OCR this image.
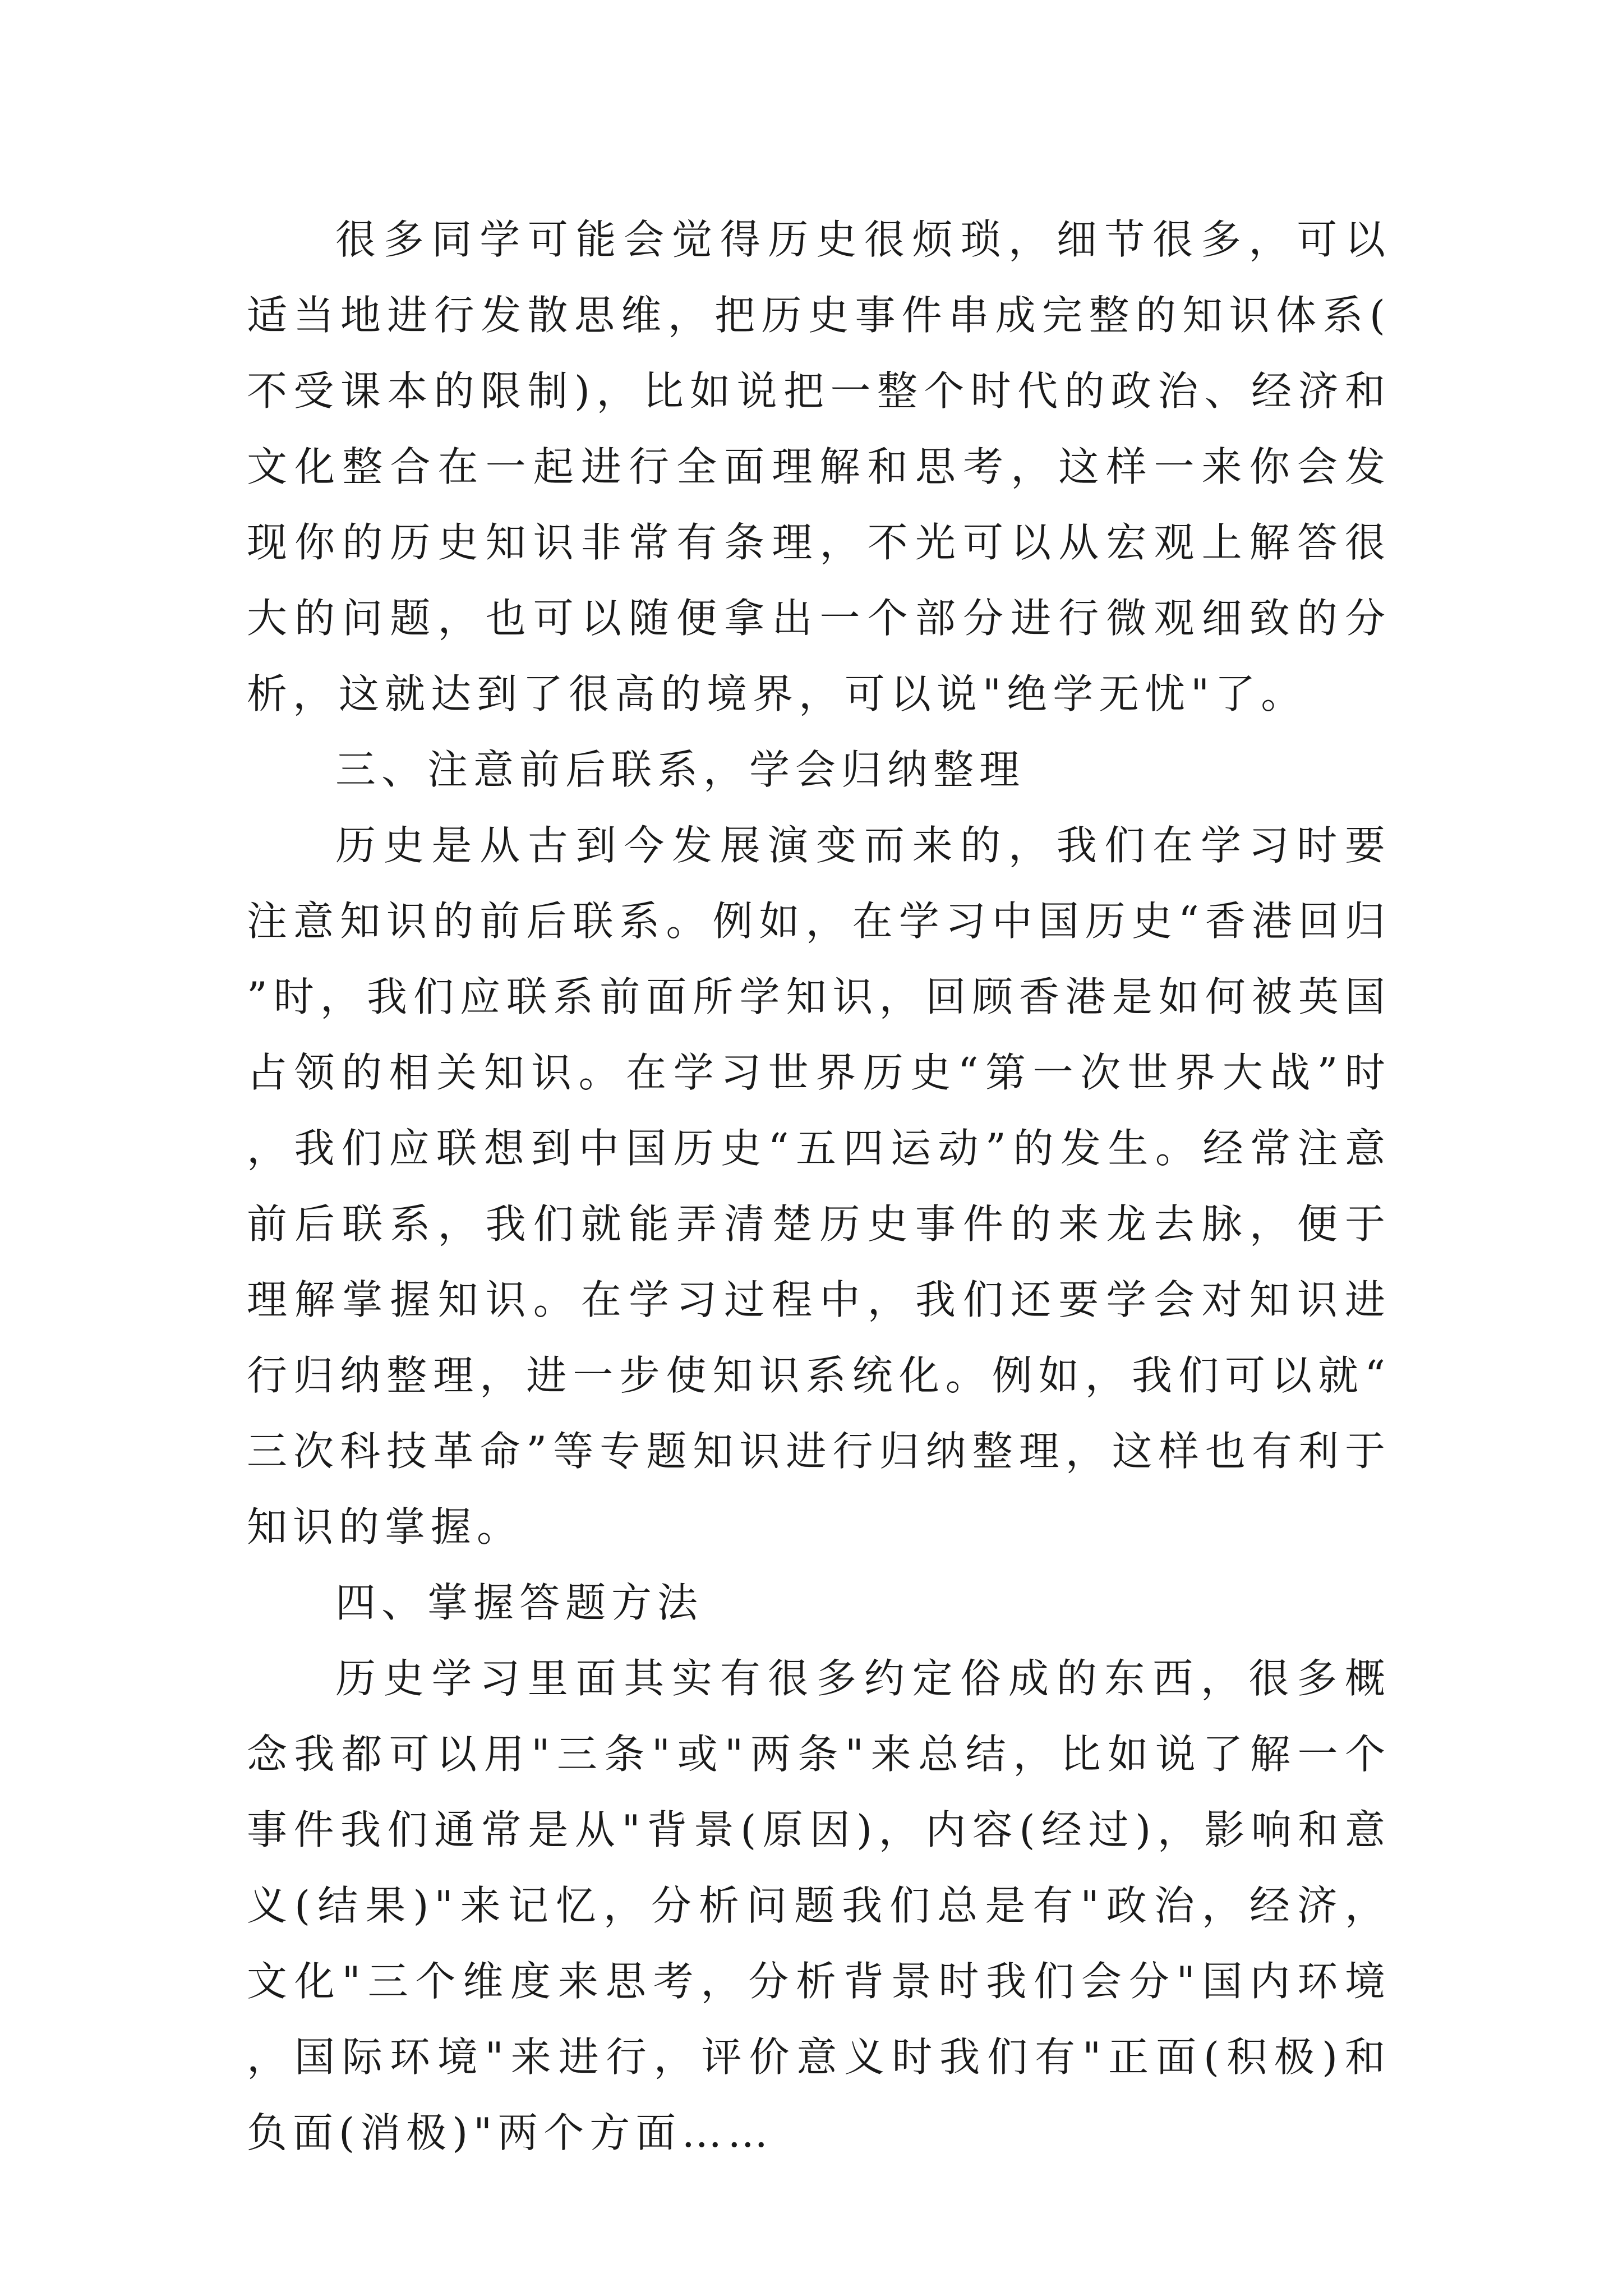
很多同学可能会觉得历史很烦琐，细节很多，可以适当地进行发散思维，把历史事件串成完整的知识体系(不受课本的限制)，比如说把一整个时代的政治、经济和文化整合在一起进行全面理解和思考，这样一来你会发现你的历史知识非常有条理，不光可以从宏观上解答很大的问题，也可以随便拿出一个部分进行微观细致的分析，这就达到了很高的境界，可以说"绝学无忧"了。

三、注意前后联系，学会归纳整理

历史是从古到今发展演变而来的，我们在学习时要注意知识的前后联系。例如，在学习中国历史“香港回归”时，我们应联系前面所学知识，回顾香港是如何被英国占领的相关知识。在学习世界历史“第一次世界大战”时，我们应联想到中国历史“五四运动”的发生。经常注意前后联系，我们就能弄清楚历史事件的来龙去脉，便于理解掌握知识。在学习过程中，我们还要学会对知识进行归纳整理，进一步使知识系统化。例如，我们可以就“三次科技革命”等专题知识进行归纳整理，这样也有利于知识的掌握。

四、掌握答题方法

历史学习里面其实有很多约定俗成的东西，很多概念我都可以用"三条"或"两条"来总结，比如说了解一个事件我们通常是从"背景(原因)，内容(经过)，影响和意义(结果)"来记忆，分析问题我们总是有"政治，经济，文化"三个维度来思考，分析背景时我们会分"国内环境，国际环境"来进行，评价意义时我们有"正面(积极)和负面(消极)"两个方面……
